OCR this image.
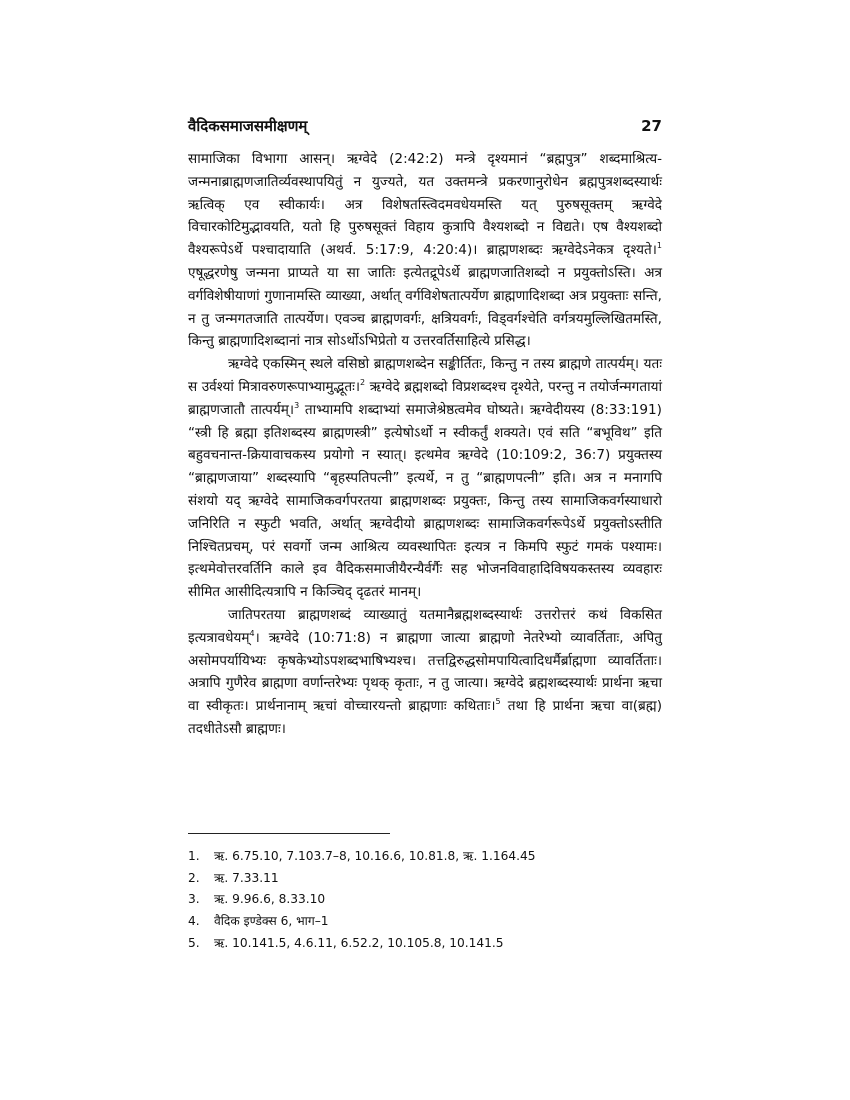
वैदिकसमाजसमीक्षणम्	27

सामाजिका विभागा आसन्। ऋग्वेदे (2:42:2) मन्त्रे दृश्यमानं “ब्रह्मपुत्र” शब्दमाश्रित्य-जन्मनाब्राह्मणजातिर्व्यवस्थापयितुं न युज्यते, यत उक्तमन्त्रे प्रकरणानुरोधेन ब्रह्मपुत्रशब्दस्यार्थः ऋत्विक् एव स्वीकार्यः। अत्र विशेषतस्त्विदमवधेयमस्ति यत् पुरुषसूक्तम् ऋग्वेदे विचारकोटिमुद्भावयति, यतो हि पुरुषसूक्तं विहाय कुत्रापि वैश्यशब्दो न विद्यते। एष वैश्यशब्दो वैश्यरूपेऽर्थे पश्चादायाति (अथर्व. 5:17:9, 4:20:4)। ब्राह्मणशब्दः ऋग्वेदेऽनेकत्र दृश्यते।$^1$ एषूद्धरणेषु जन्मना प्राप्यते या सा जातिः इत्येतद्रूपेऽर्थे ब्राह्मणजातिशब्दो न प्रयुक्तोऽस्ति। अत्र वर्गविशेषीयाणां गुणानामस्ति व्याख्या, अर्थात् वर्गविशेषतात्पर्येण ब्राह्मणादिशब्दा अत्र प्रयुक्ताः सन्ति, न तु जन्मगतजाति तात्पर्येण। एवञ्च ब्राह्मणवर्गः, क्षत्रियवर्गः, विड्वर्गश्चेति वर्गत्रयमुल्लिखितमस्ति, किन्तु ब्राह्मणादिशब्दानां नात्र सोऽर्थोऽभिप्रेतो य उत्तरवर्तिसाहित्ये प्रसिद्ध।

ऋग्वेदे एकस्मिन् स्थले वसिष्ठो ब्राह्मणशब्देन सङ्कीर्तितः, किन्तु न तस्य ब्राह्मणे तात्पर्यम्। यतः स उर्वश्यां मित्रावरुणरूपाभ्यामुद्भूतः।$^2$ ऋग्वेदे ब्रह्मशब्दो विप्रशब्दश्च दृश्येते, परन्तु न तयोर्जन्मगतायां ब्राह्मणजातौ तात्पर्यम्।$^3$ ताभ्यामपि शब्दाभ्यां समाजेश्रेष्ठत्वमेव घोष्यते। ऋग्वेदीयस्य (8:33:191) “स्त्री हि ब्रह्मा इतिशब्दस्य ब्राह्मणस्त्री” इत्येषोऽर्थो न स्वीकर्तुं शक्यते। एवं सति “बभूविथ” इति बहुवचनान्त-क्रियावाचकस्य प्रयोगो न स्यात्। इत्थमेव ऋग्वेदे (10:109:2, 36:7) प्रयुक्तस्य “ब्राह्मणजाया” शब्दस्यापि “बृहस्पतिपत्नी” इत्यर्थे, न तु “ब्राह्मणपत्नी” इति। अत्र न मनागपि संशयो यद् ऋग्वेदे सामाजिकवर्गपरतया ब्राह्मणशब्दः प्रयुक्तः, किन्तु तस्य सामाजिकवर्गस्याधारो जनिरिति न स्फुटी भवति, अर्थात् ऋग्वेदीयो ब्राह्मणशब्दः सामाजिकवर्गरूपेऽर्थे प्रयुक्तोऽस्तीति निश्चितप्रचम्, परं सवर्गो जन्म आश्रित्य व्यवस्थापितः इत्यत्र न किमपि स्फुटं गमकं पश्यामः। इत्थमेवोत्तरवर्तिनि काले इव वैदिकसमाजीयैरन्यैर्वर्गैः सह भोजनविवाहादिविषयकस्तस्य व्यवहारः सीमित आसीदित्यत्रापि न किञ्चिद् दृढतरं मानम्।

जातिपरतया ब्राह्मणशब्दं व्याख्यातुं यतमानैब्रह्मशब्दस्यार्थः उत्तरोत्तरं कथं विकसित इत्यत्रावधेयम्$^4$। ऋग्वेदे (10:71:8) न ब्राह्मणा जात्या ब्राह्मणो नेतरेभ्यो व्यावर्तिताः, अपितु असोमपर्यायिभ्यः कृषकेभ्योऽपशब्दभाषिभ्यश्च। तत्तद्विरुद्धसोमपायित्वादिधर्मैर्ब्राह्मणा व्यावर्तिताः। अत्रापि गुणैरेव ब्राह्मणा वर्णान्तरेभ्यः पृथक् कृताः, न तु जात्या। ऋग्वेदे ब्रह्मशब्दस्यार्थः प्रार्थना ऋचा वा स्वीकृतः। प्रार्थनानाम् ऋचां वोच्चारयन्तो ब्राह्मणाः कथिताः।$^5$ तथा हि प्रार्थना ऋचा वा(ब्रह्म) तदधीतेऽसौ ब्राह्मणः।

1.	ऋ. 6.75.10, 7.103.7–8, 10.16.6, 10.81.8, ऋ. 1.164.45
2.	ऋ. 7.33.11
3.	ऋ. 9.96.6, 8.33.10
4.	वैदिक इण्डेक्स 6, भाग–1
5.	ऋ. 10.141.5, 4.6.11, 6.52.2, 10.105.8, 10.141.5
